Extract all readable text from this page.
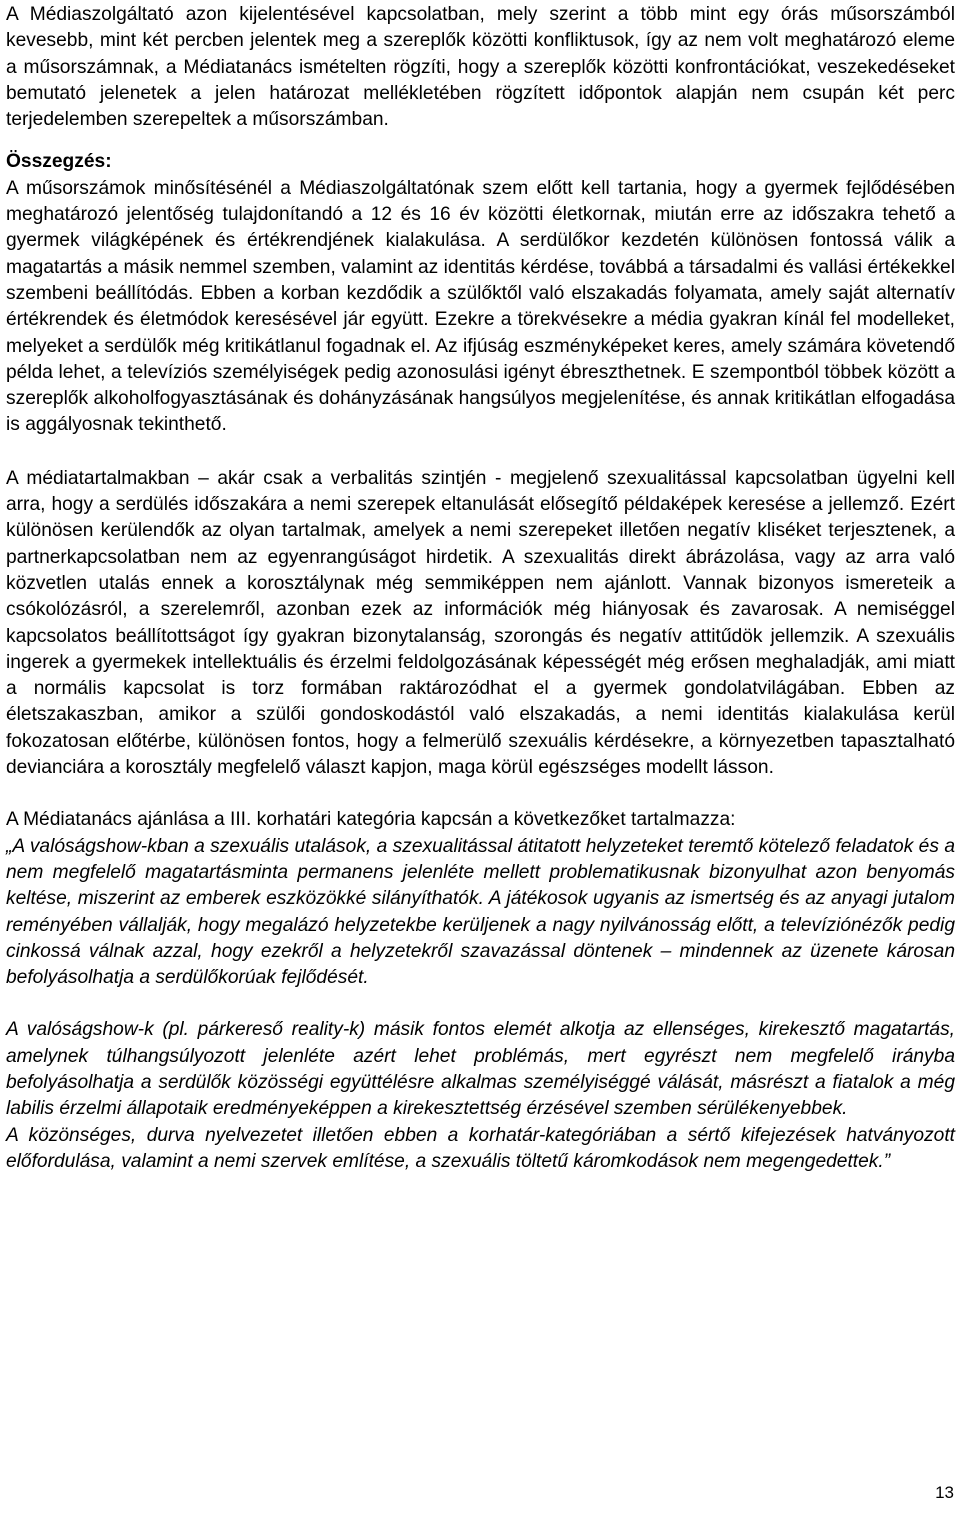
A Médiaszolgáltató azon kijelentésével kapcsolatban, mely szerint a több mint egy órás műsorszámból kevesebb, mint két percben jelentek meg a szereplők közötti konfliktusok, így az nem volt meghatározó eleme a műsorszámnak, a Médiatanács ismételten rögzíti, hogy a szereplők közötti konfrontációkat, veszekedéseket bemutató jelenetek a jelen határozat mellékletében rögzített időpontok alapján nem csupán két perc terjedelemben szerepeltek a műsorszámban.

Összegzés:

A műsorszámok minősítésénél a Médiaszolgáltatónak szem előtt kell tartania, hogy a gyermek fejlődésében meghatározó jelentőség tulajdonítandó a 12 és 16 év közötti életkornak, miután erre az időszakra tehető a gyermek világképének és értékrendjének kialakulása. A serdülőkor kezdetén különösen fontossá válik a magatartás a másik nemmel szemben, valamint az identitás kérdése, továbbá a társadalmi és vallási értékekkel szembeni beállítódás. Ebben a korban kezdődik a szülőktől való elszakadás folyamata, amely saját alternatív értékrendek és életmódok keresésével jár együtt. Ezekre a törekvésekre a média gyakran kínál fel modelleket, melyeket a serdülők még kritikátlanul fogadnak el. Az ifjúság eszményképeket keres, amely számára követendő példa lehet, a televíziós személyiségek pedig azonosulási igényt ébreszthetnek. E szempontból többek között a szereplők alkoholfogyasztásának és dohányzásának hangsúlyos megjelenítése, és annak kritikátlan elfogadása is aggályosnak tekinthető.

A médiatartalmakban ‒ akár csak a verbalitás szintjén - megjelenő szexualitással kapcsolatban ügyelni kell arra, hogy a serdülés időszakára a nemi szerepek eltanulását elősegítő példaképek keresése a jellemző. Ezért különösen kerülendők az olyan tartalmak, amelyek a nemi szerepeket illetően negatív kliséket terjesztenek, a partnerkapcsolatban nem az egyenrangúságot hirdetik. A szexualitás direkt ábrázolása, vagy az arra való közvetlen utalás ennek a korosztálynak még semmiképpen nem ajánlott. Vannak bizonyos ismereteik a csókolózásról, a szerelemről, azonban ezek az információk még hiányosak és zavarosak. A nemiséggel kapcsolatos beállítottságot így gyakran bizonytalanság, szorongás és negatív attitűdök jellemzik. A szexuális ingerek a gyermekek intellektuális és érzelmi feldolgozásának képességét még erősen meghaladják, ami miatt a normális kapcsolat is torz formában raktározódhat el a gyermek gondolatvilágában. Ebben az életszakaszban, amikor a szülői gondoskodástól való elszakadás, a nemi identitás kialakulása kerül fokozatosan előtérbe, különösen fontos, hogy a felmerülő szexuális kérdésekre, a környezetben tapasztalható devianciára a korosztály megfelelő választ kapjon, maga körül egészséges modellt lásson.

A Médiatanács ajánlása a III. korhatári kategória kapcsán a következőket tartalmazza:

„A valóságshow-kban a szexuális utalások, a szexualitással átitatott helyzeteket teremtő kötelező feladatok és a nem megfelelő magatartásminta permanens jelenléte mellett problematikusnak bizonyulhat azon benyomás keltése, miszerint az emberek eszközökké silányíthatók. A játékosok ugyanis az ismertség és az anyagi jutalom reményében vállalják, hogy megalázó helyzetekbe kerüljenek a nagy nyilvánosság előtt, a televíziónézők pedig cinkossá válnak azzal, hogy ezekről a helyzetekről szavazással döntenek ‒ mindennek az üzenete károsan befolyásolhatja a serdülőkorúak fejlődését.

A valóságshow-k (pl. párkereső reality-k) másik fontos elemét alkotja az ellenséges, kirekesztő magatartás, amelynek túlhangsúlyozott jelenléte azért lehet problémás, mert egyrészt nem megfelelő irányba befolyásolhatja a serdülők közösségi együttélésre alkalmas személyiséggé válását, másrészt a fiatalok a még labilis érzelmi állapotaik eredményeképpen a kirekesztettség érzésével szemben sérülékenyebbek.

A közönséges, durva nyelvezetet illetően ebben a korhatár-kategóriában a sértő kifejezések hatványozott előfordulása, valamint a nemi szervek említése, a szexuális töltetű káromkodások nem megengedettek.”

13
